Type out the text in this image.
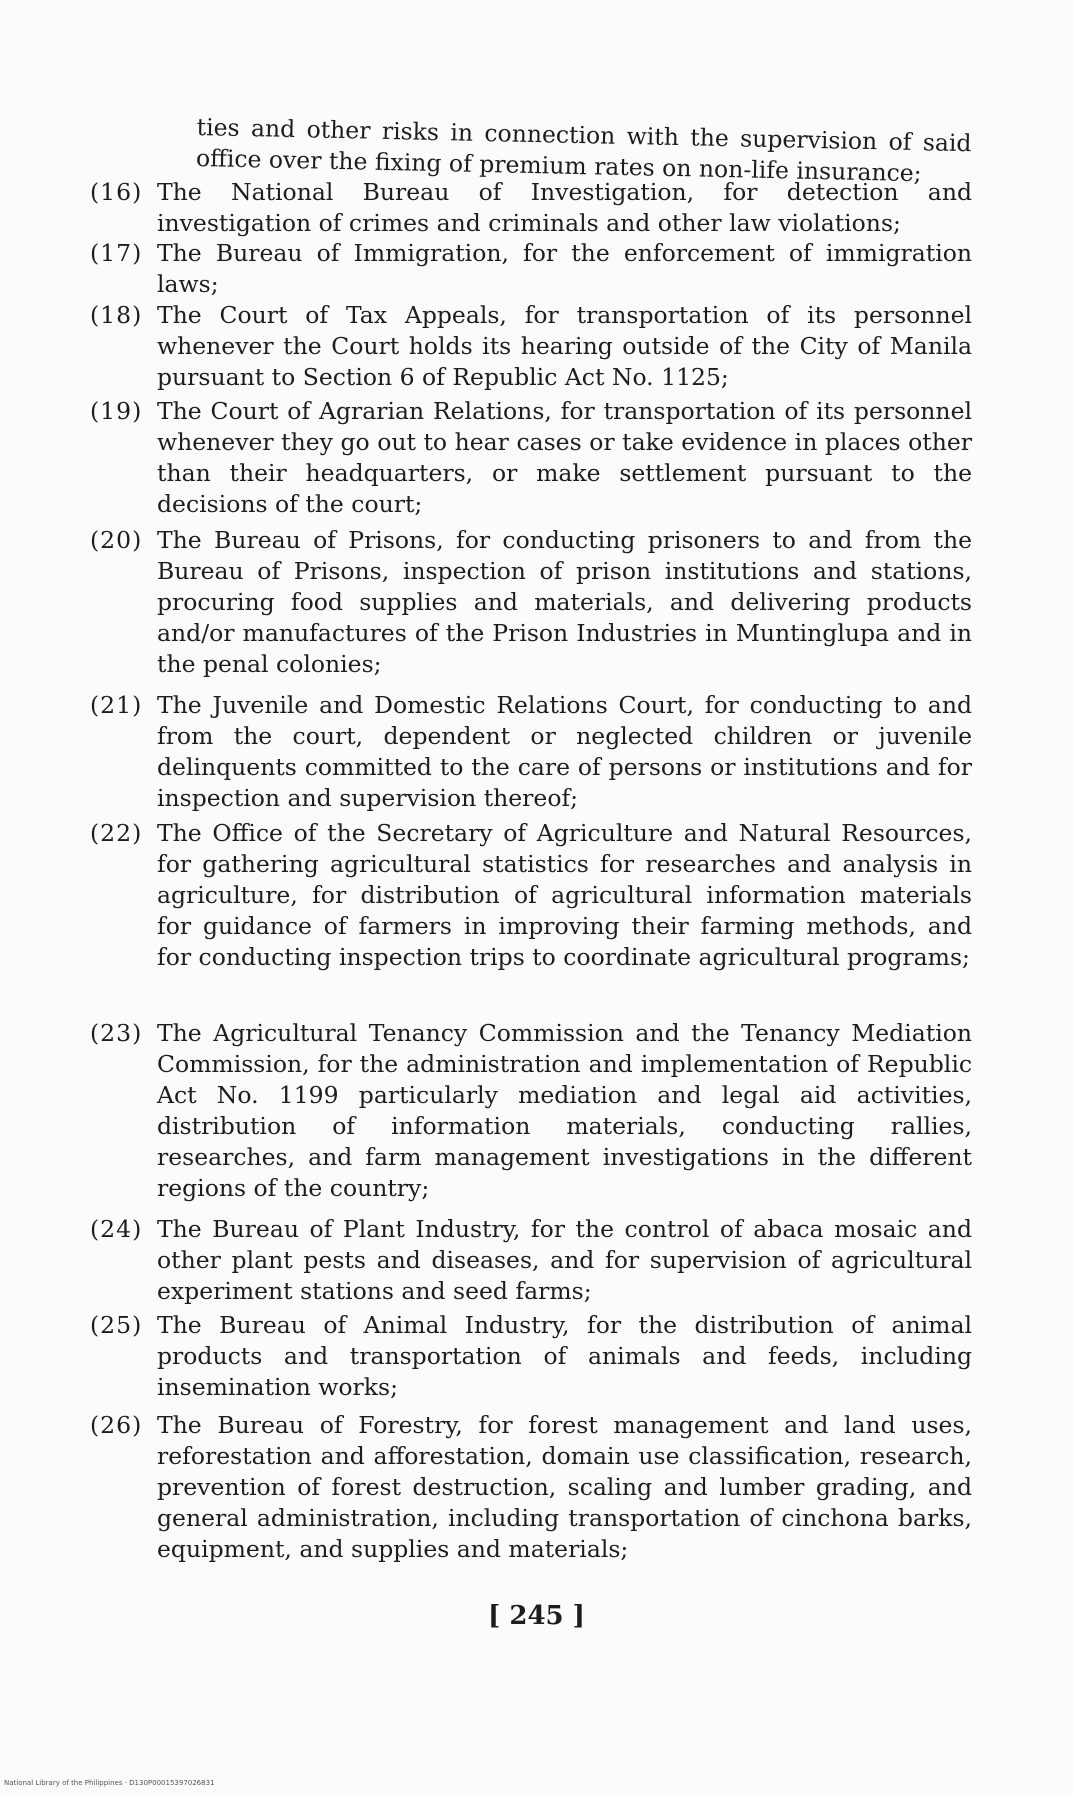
ties and other risks in connection with the supervision of said office over the fixing of premium rates on non-life insurance;
(16) The National Bureau of Investigation, for detection and investigation of crimes and criminals and other law violations;
(17) The Bureau of Immigration, for the enforcement of immigration laws;
(18) The Court of Tax Appeals, for transportation of its personnel whenever the Court holds its hearing outside of the City of Manila pursuant to Section 6 of Republic Act No. 1125;
(19) The Court of Agrarian Relations, for transportation of its personnel whenever they go out to hear cases or take evidence in places other than their headquarters, or make settlement pursuant to the decisions of the court;
(20) The Bureau of Prisons, for conducting prisoners to and from the Bureau of Prisons, inspection of prison institutions and stations, procuring food supplies and materials, and delivering products and/or manufactures of the Prison Industries in Muntinglupa and in the penal colonies;
(21) The Juvenile and Domestic Relations Court, for conducting to and from the court, dependent or neglected children or juvenile delinquents committed to the care of persons or institutions and for inspection and supervision thereof;
(22) The Office of the Secretary of Agriculture and Natural Resources, for gathering agricultural statistics for researches and analysis in agriculture, for distribution of agricultural information materials for guidance of farmers in improving their farming methods, and for conducting inspection trips to coordinate agricultural programs;
(23) The Agricultural Tenancy Commission and the Tenancy Mediation Commission, for the administration and implementation of Republic Act No. 1199 particularly mediation and legal aid activities, distribution of information materials, conducting rallies, researches, and farm management investigations in the different regions of the country;
(24) The Bureau of Plant Industry, for the control of abaca mosaic and other plant pests and diseases, and for supervision of agricultural experiment stations and seed farms;
(25) The Bureau of Animal Industry, for the distribution of animal products and transportation of animals and feeds, including insemination works;
(26) The Bureau of Forestry, for forest management and land uses, reforestation and afforestation, domain use classification, research, prevention of forest destruction, scaling and lumber grading, and general administration, including transportation of cinchona barks, equipment, and supplies and materials;
[ 245 ]
National Library of the Philippines · D130P00015397026831
